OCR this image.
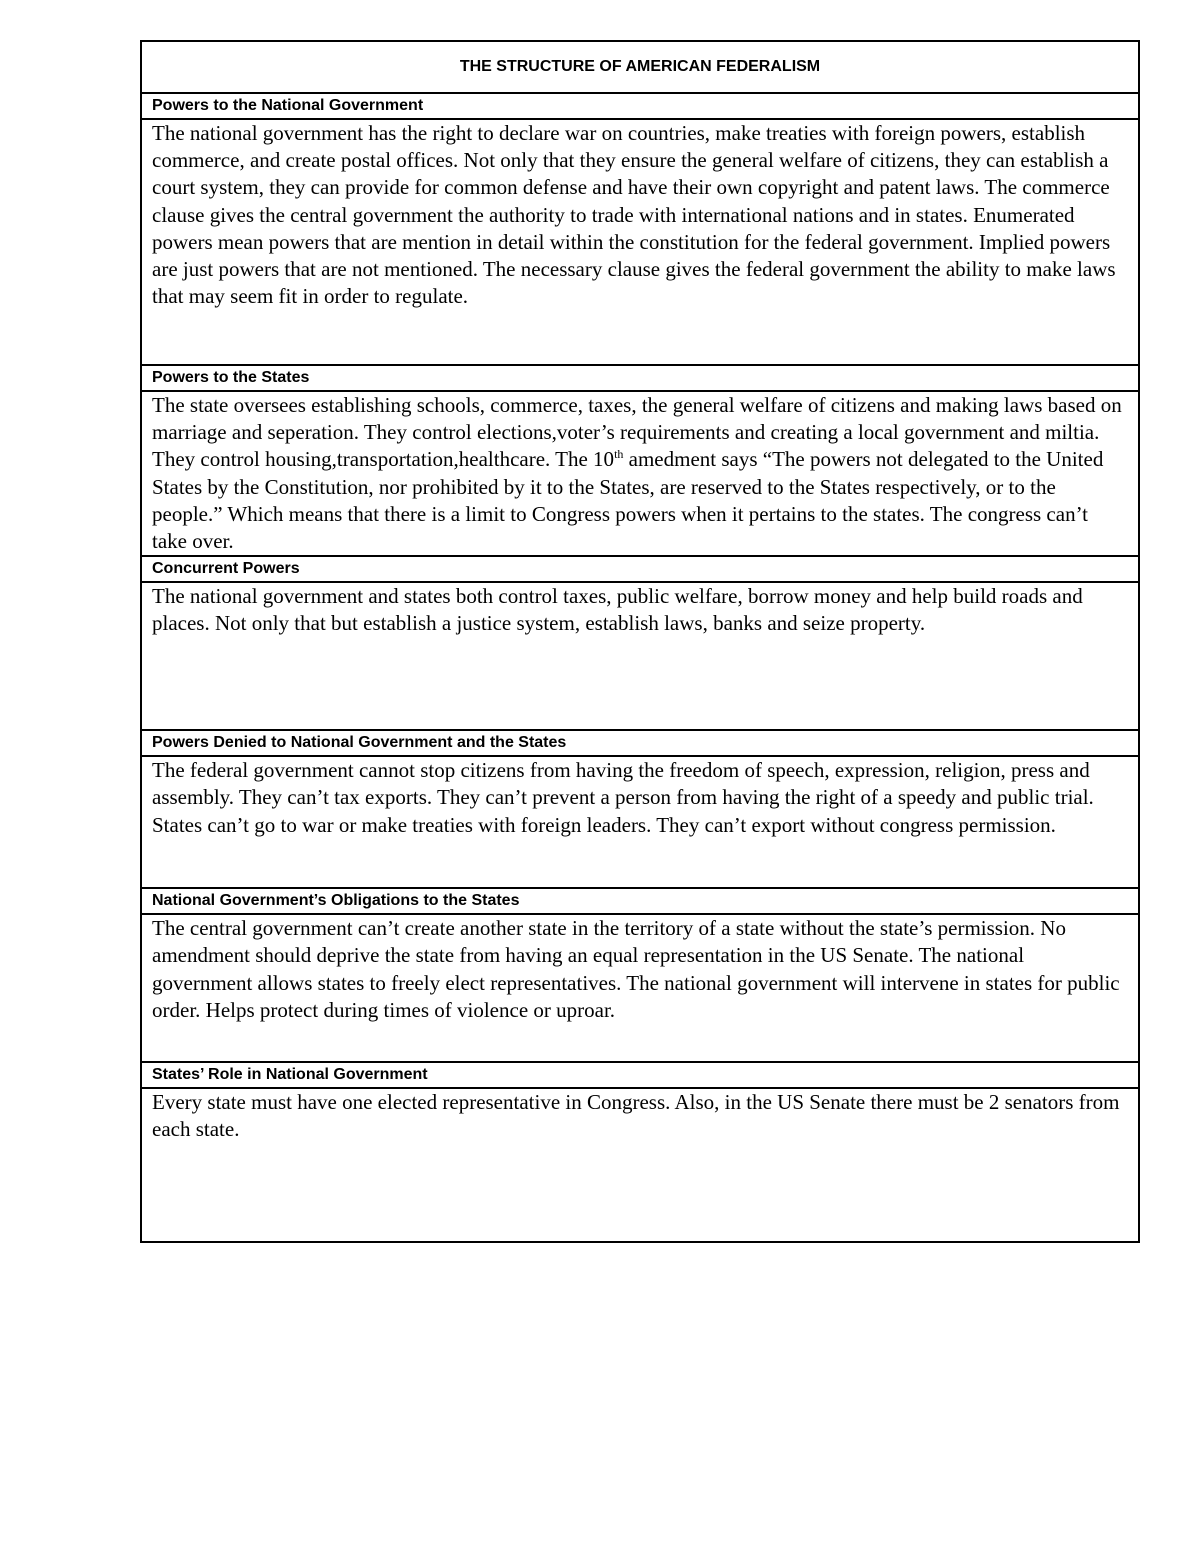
THE STRUCTURE OF AMERICAN FEDERALISM
Powers to the National Government
The national government has the right to declare war on countries, make treaties with foreign powers, establish commerce, and create postal offices. Not only that they ensure the general welfare of citizens, they can establish a court system, they can provide for common defense and have their own copyright and patent laws. The commerce clause gives the central government the authority to trade with international nations and in states. Enumerated powers mean powers that are mention in detail within the constitution for the federal government. Implied powers are just powers that are not mentioned. The necessary clause gives the federal government the ability to make laws that may seem fit in order to regulate.
Powers to the States
The state oversees establishing schools, commerce, taxes, the general welfare of citizens and making laws based on marriage and seperation. They control elections,voter’s requirements and creating a local government and miltia. They control housing,transportation,healthcare. The 10th amedment says “The powers not delegated to the United States by the Constitution, nor prohibited by it to the States, are reserved to the States respectively, or to the people.” Which means that there is a limit to Congress powers when it pertains to the states. The congress can’t take over.
Concurrent Powers
The national government and states both control taxes, public welfare, borrow money and help build roads and places. Not only that but establish a justice system, establish laws, banks and seize property.
Powers Denied to National Government and the States
The federal government cannot stop citizens from having the freedom of speech, expression, religion, press and assembly. They can’t tax exports. They can’t prevent a person from having the right of a speedy and public trial. States can’t go to war or make treaties with foreign leaders. They can’t export without congress permission.
National Government’s Obligations to the States
The central government can’t create another state in the territory of a state without the state’s permission. No amendment should deprive the state from having an equal representation in the US Senate. The national government allows states to freely elect representatives. The national government will intervene in states for public order. Helps protect during times of violence or uproar.
States’ Role in National Government
Every state must have one elected representative in Congress. Also, in the US Senate there must be 2 senators from each state.
